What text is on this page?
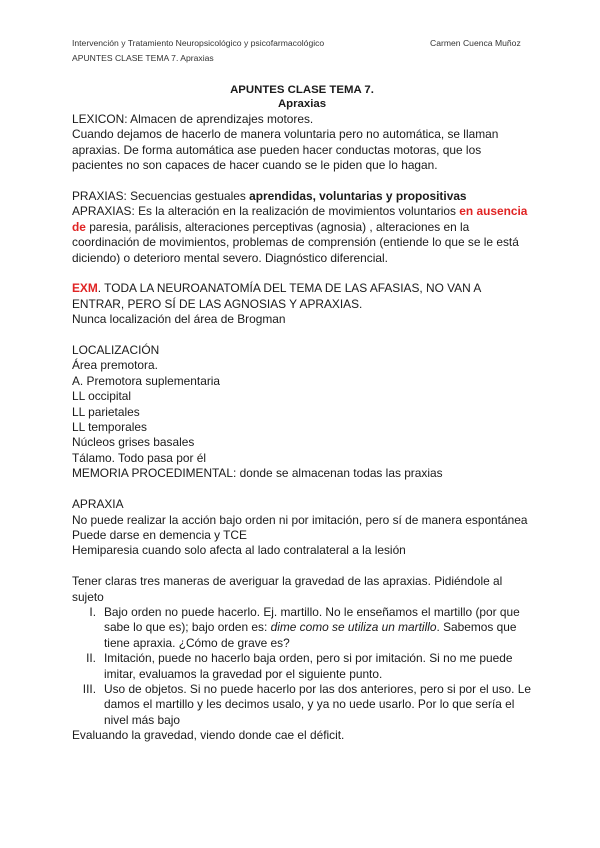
Intervención y Tratamiento Neuropsicológico y psicofarmacológico	Carmen Cuenca Muñoz
APUNTES CLASE TEMA 7. Apraxias
APUNTES CLASE TEMA 7.
Apraxias

LEXICON: Almacen de aprendizajes motores.

Cuando dejamos de hacerlo de manera voluntaria pero no automática, se llaman apraxias. De forma automática ase pueden hacer conductas motoras, que los pacientes no son capaces de hacer cuando se le piden que lo hagan.

PRAXIAS: Secuencias gestuales aprendidas, voluntarias y propositivas

APRAXIAS: Es la alteración en la realización de movimientos voluntarios en ausencia de paresia, parálisis, alteraciones perceptivas (agnosia) , alteraciones en la coordinación de movimientos, problemas de comprensión (entiende lo que se le está diciendo) o deterioro mental severo. Diagnóstico diferencial.

EXM. TODA LA NEUROANATOMÍA DEL TEMA DE LAS AFASIAS, NO VAN A ENTRAR, PERO SÍ DE LAS AGNOSIAS Y APRAXIAS.

Nunca localización del área de Brogman

LOCALIZACIÓN

Área premotora.

A. Premotora suplementaria

LL occipital

LL parietales

LL temporales

Núcleos grises basales

Tálamo. Todo pasa por él

MEMORIA PROCEDIMENTAL: donde se almacenan todas las praxias

APRAXIA

No puede realizar la acción bajo orden ni por imitación, pero sí de manera espontánea

Puede darse en demencia y TCE

Hemiparesia cuando solo afecta al lado contralateral a la lesión

Tener claras tres maneras de averiguar la gravedad de las apraxias. Pidiéndole al sujeto

I. Bajo orden no puede hacerlo. Ej. martillo. No le enseñamos el martillo (por que sabe lo que es); bajo orden es: dime como se utiliza un martillo. Sabemos que tiene apraxia. ¿Cómo de grave es?
II. Imitación, puede no hacerlo baja orden, pero si por imitación. Si no me puede imitar, evaluamos la gravedad por el siguiente punto.
III. Uso de objetos. Si no puede hacerlo por las dos anteriores, pero si por el uso. Le damos el martillo y les decimos usalo, y ya no uede usarlo. Por lo que sería el nivel más bajo

Evaluando la gravedad, viendo donde cae el déficit.
